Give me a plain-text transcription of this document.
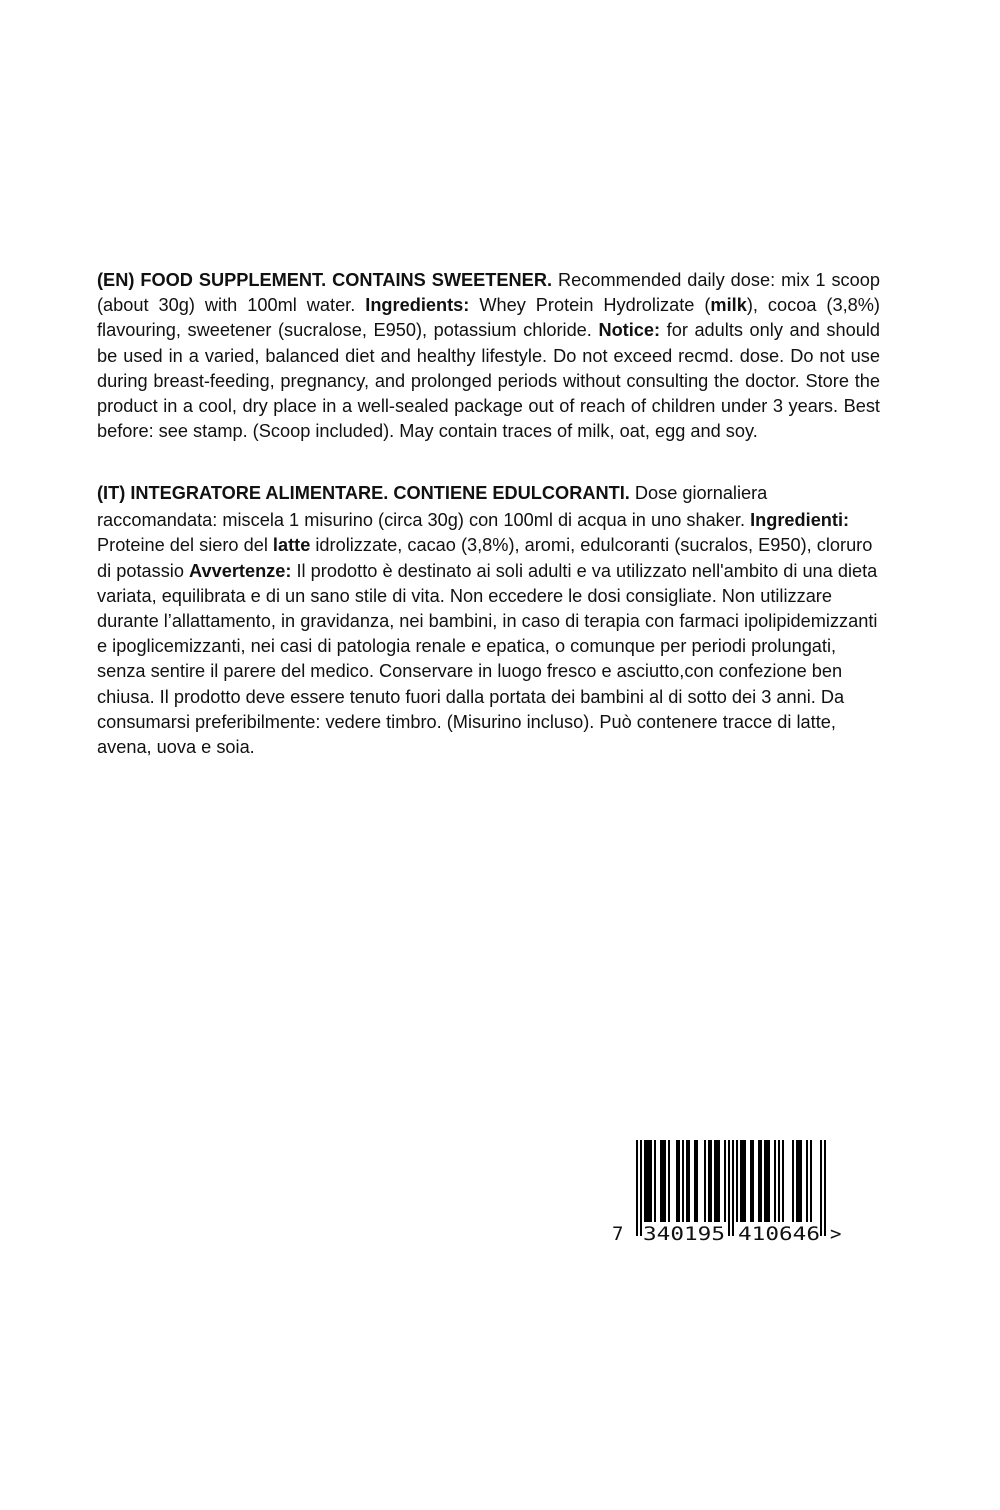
(EN) FOOD SUPPLEMENT. CONTAINS SWEETENER. Recommended daily dose: mix 1 scoop (about 30g) with 100ml water. Ingredients: Whey Protein Hydrolizate (milk), cocoa (3,8%) flavouring, sweetener (sucralose, E950), potassium chloride. Notice: for adults only and should be used in a varied, balanced diet and healthy lifestyle. Do not exceed recmd. dose. Do not use during breast-feeding, pregnancy, and prolonged periods without consulting the doctor. Store the product in a cool, dry place in a well-sealed package out of reach of children under 3 years. Best before: see stamp. (Scoop included). May contain traces of milk, oat, egg and soy.

(IT) INTEGRATORE ALIMENTARE. CONTIENE EDULCORANTI. Dose giornaliera
raccomandata: miscela 1 misurino (circa 30g) con 100ml di acqua in uno shaker. Ingredienti: Proteine del siero del latte idrolizzate, cacao (3,8%), aromi, edulcoranti (sucralos, E950), cloruro di potassio Avvertenze: Il prodotto è destinato ai soli adulti e va utilizzato nell'ambito di una dieta variata, equilibrata e di un sano stile di vita. Non eccedere le dosi consigliate. Non utilizzare durante l’allattamento, in gravidanza, nei bambini, in caso di terapia con farmaci ipolipidemizzanti e ipoglicemizzanti, nei casi di patologia renale e epatica, o comunque per periodi prolungati, senza sentire il parere del medico. Conservare in luogo fresco e asciutto,con confezione ben chiusa. Il prodotto deve essere tenuto fuori dalla portata dei bambini al di sotto dei 3 anni. Da consumarsi preferibilmente: vedere timbro. (Misurino incluso). Può contenere tracce di latte, avena, uova e soia.

7 340195 410646 >
